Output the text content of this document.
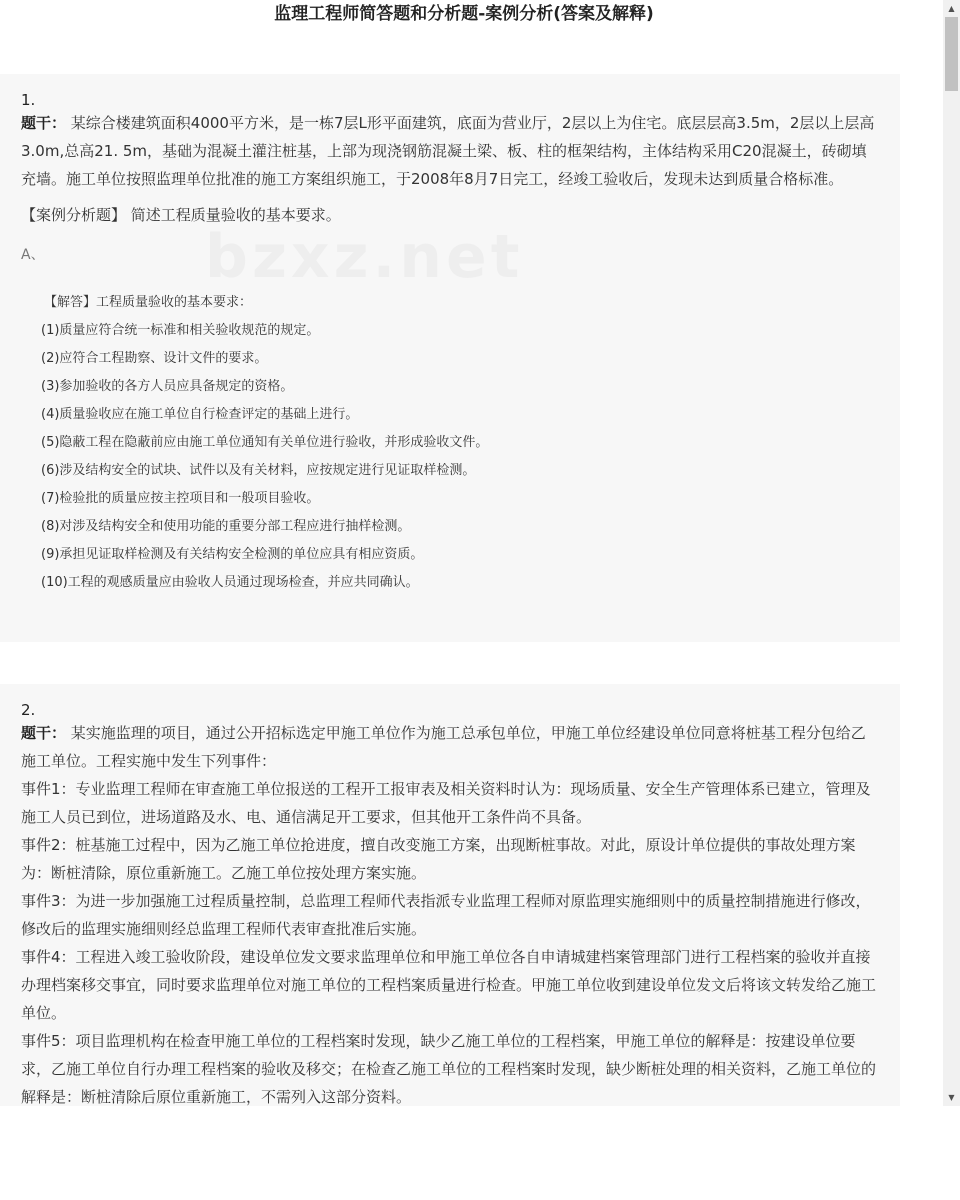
监理工程师简答题和分析题-案例分析(答案及解释)	▲
▼
1.

题干： 某综合楼建筑面积4000平方米，是一栋7层L形平面建筑，底面为营业厅，2层以上为住宅。底层层高3.5m，2层以上层高3.0m,总高21. 5m，基础为混凝土灌注桩基，上部为现浇钢筋混凝土梁、板、柱的框架结构，主体结构采用C20混凝土，砖砌填充墙。施工单位按照监理单位批准的施工方案组织施工，于2008年8月7日完工，经竣工验收后，发现未达到质量合格标准。

【案例分析题】 简述工程质量验收的基本要求。
A、
【解答】工程质量验收的基本要求：
(1)质量应符合统一标准和相关验收规范的规定。
(2)应符合工程勘察、设计文件的要求。
(3)参加验收的各方人员应具备规定的资格。
(4)质量验收应在施工单位自行检查评定的基础上进行。
(5)隐蔽工程在隐蔽前应由施工单位通知有关单位进行验收，并形成验收文件。
(6)涉及结构安全的试块、试件以及有关材料，应按规定进行见证取样检测。
(7)检验批的质量应按主控项目和一般项目验收。
(8)对涉及结构安全和使用功能的重要分部工程应进行抽样检测。
(9)承担见证取样检测及有关结构安全检测的单位应具有相应资质。
(10)工程的观感质量应由验收人员通过现场检查，并应共同确认。
2.

题干： 某实施监理的项目，通过公开招标选定甲施工单位作为施工总承包单位，甲施工单位经建设单位同意将桩基工程分包给乙施工单位。工程实施中发生下列事件：

事件1：专业监理工程师在审查施工单位报送的工程开工报审表及相关资料时认为：现场质量、安全生产管理体系已建立，管理及施工人员已到位，进场道路及水、电、通信满足开工要求，但其他开工条件尚不具备。

事件2：桩基施工过程中，因为乙施工单位抢进度，擅自改变施工方案，出现断桩事故。对此，原设计单位提供的事故处理方案为：断桩清除，原位重新施工。乙施工单位按处理方案实施。

事件3：为进一步加强施工过程质量控制，总监理工程师代表指派专业监理工程师对原监理实施细则中的质量控制措施进行修改，修改后的监理实施细则经总监理工程师代表审查批准后实施。

事件4：工程进入竣工验收阶段，建设单位发文要求监理单位和甲施工单位各自申请城建档案管理部门进行工程档案的验收并直接办理档案移交事宜，同时要求监理单位对施工单位的工程档案质量进行检查。甲施工单位收到建设单位发文后将该文转发给乙施工单位。

事件5：项目监理机构在检查甲施工单位的工程档案时发现，缺少乙施工单位的工程档案，甲施工单位的解释是：按建设单位要求，乙施工单位自行办理工程档案的验收及移交；在检查乙施工单位的工程档案时发现，缺少断桩处理的相关资料，乙施工单位的解释是：断桩清除后原位重新施工，不需列入这部分资料。
